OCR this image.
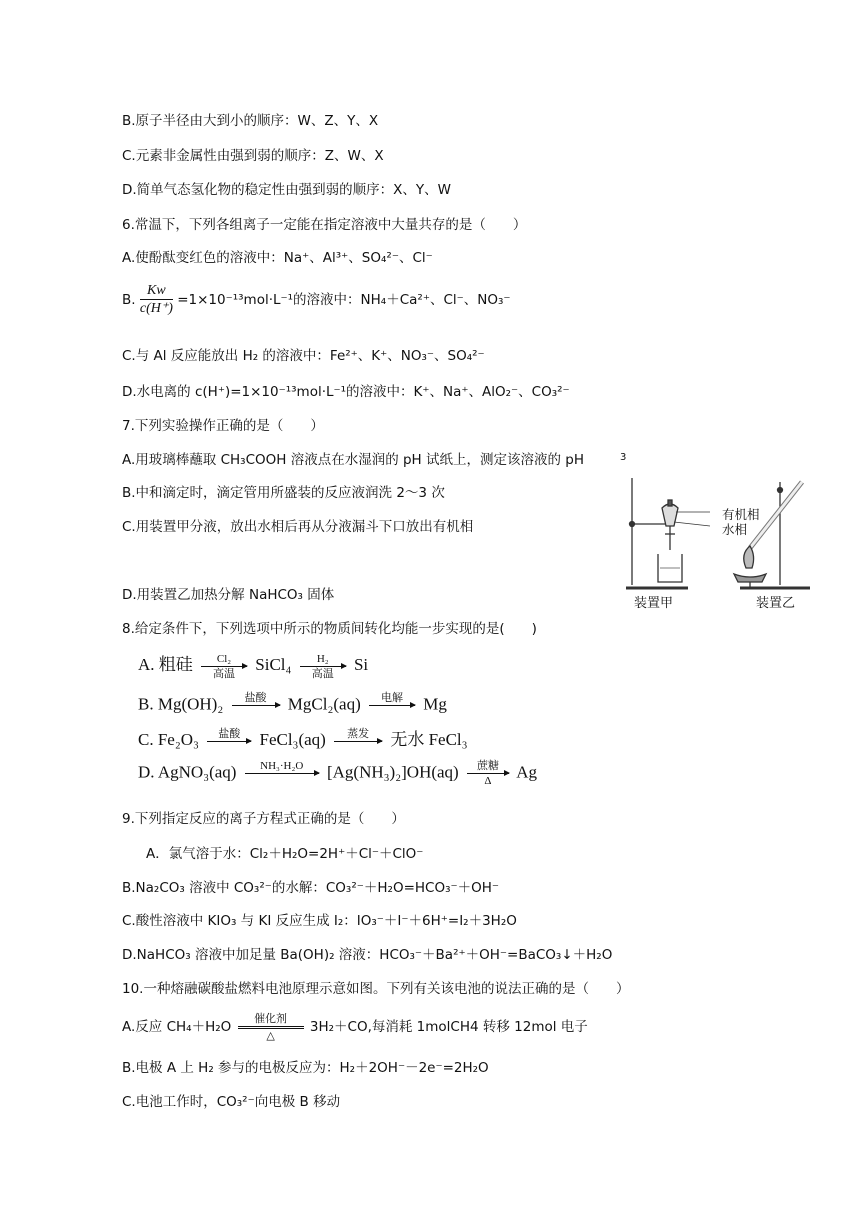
B.原子半径由大到小的顺序：W、Z、Y、X
C.元素非金属性由强到弱的顺序：Z、W、X
D.简单气态氢化物的稳定性由强到弱的顺序：X、Y、W
6.常温下，下列各组离子一定能在指定溶液中大量共存的是（　　）
A.使酚酞变红色的溶液中：Na⁺、Al³⁺、SO₄²⁻、Cl⁻
B. $\frac{Kw}{c(H^+)} =1\times 10^{-13}mol\cdot L^{-1}$的溶液中：NH₄＋Ca²⁺、Cl⁻、NO₃⁻
C.与 Al 反应能放出 H₂ 的溶液中：Fe²⁺、K⁺、NO₃⁻、SO₄²⁻
D.水电离的 c(H⁺)=1×10⁻¹³mol·L⁻¹的溶液中：K⁺、Na⁺、AlO₂⁻、CO₃²⁻
7.下列实验操作正确的是（　　）
A.用玻璃棒蘸取 CH₃COOH 溶液点在水湿润的 pH 试纸上，测定该溶液的 pH
B.中和滴定时，滴定管用所盛装的反应液润洗 2～3 次
C.用装置甲分液，放出水相后再从分液漏斗下口放出有机相
D.用装置乙加热分解 NaHCO₃ 固体
3
有机相
水相
装置甲	装置乙
8.给定条件下，下列选项中所示的物质间转化均能一步实现的是(　　)
A. 粗硅	Cl₂
高温	SiCl₄	H₂
高温	Si
B. Mg(OH)₂	盐酸	MgCl₂(aq)	电解	Mg
C. Fe₂O₃	盐酸	FeCl₃(aq)	蒸发	无水 FeCl₃
D. AgNO₃(aq)	NH₃·H₂O	[Ag(NH₃)₂]OH(aq)	蔗糖
Δ	Ag
9.下列指定反应的离子方程式正确的是（　　）
A．氯气溶于水：Cl₂＋H₂O=2H⁺＋Cl⁻＋ClO⁻
B.Na₂CO₃ 溶液中 CO₃²⁻的水解：CO₃²⁻＋H₂O=HCO₃⁻＋OH⁻
C.酸性溶液中 KIO₃ 与 KI 反应生成 I₂：IO₃⁻＋I⁻＋6H⁺=I₂＋3H₂O
D.NaHCO₃ 溶液中加足量 Ba(OH)₂ 溶液：HCO₃⁻＋Ba²⁺＋OH⁻=BaCO₃↓＋H₂O
10.一种熔融碳酸盐燃料电池原理示意如图。下列有关该电池的说法正确的是（　　）
A.反应 CH₄＋H₂O
催化剂
△	3H₂＋CO,每消耗 1molCH4 转移 12mol 电子
B.电极 A 上 H₂ 参与的电极反应为：H₂＋2OH⁻－2e⁻=2H₂O
C.电池工作时，CO₃²⁻向电极 B 移动
